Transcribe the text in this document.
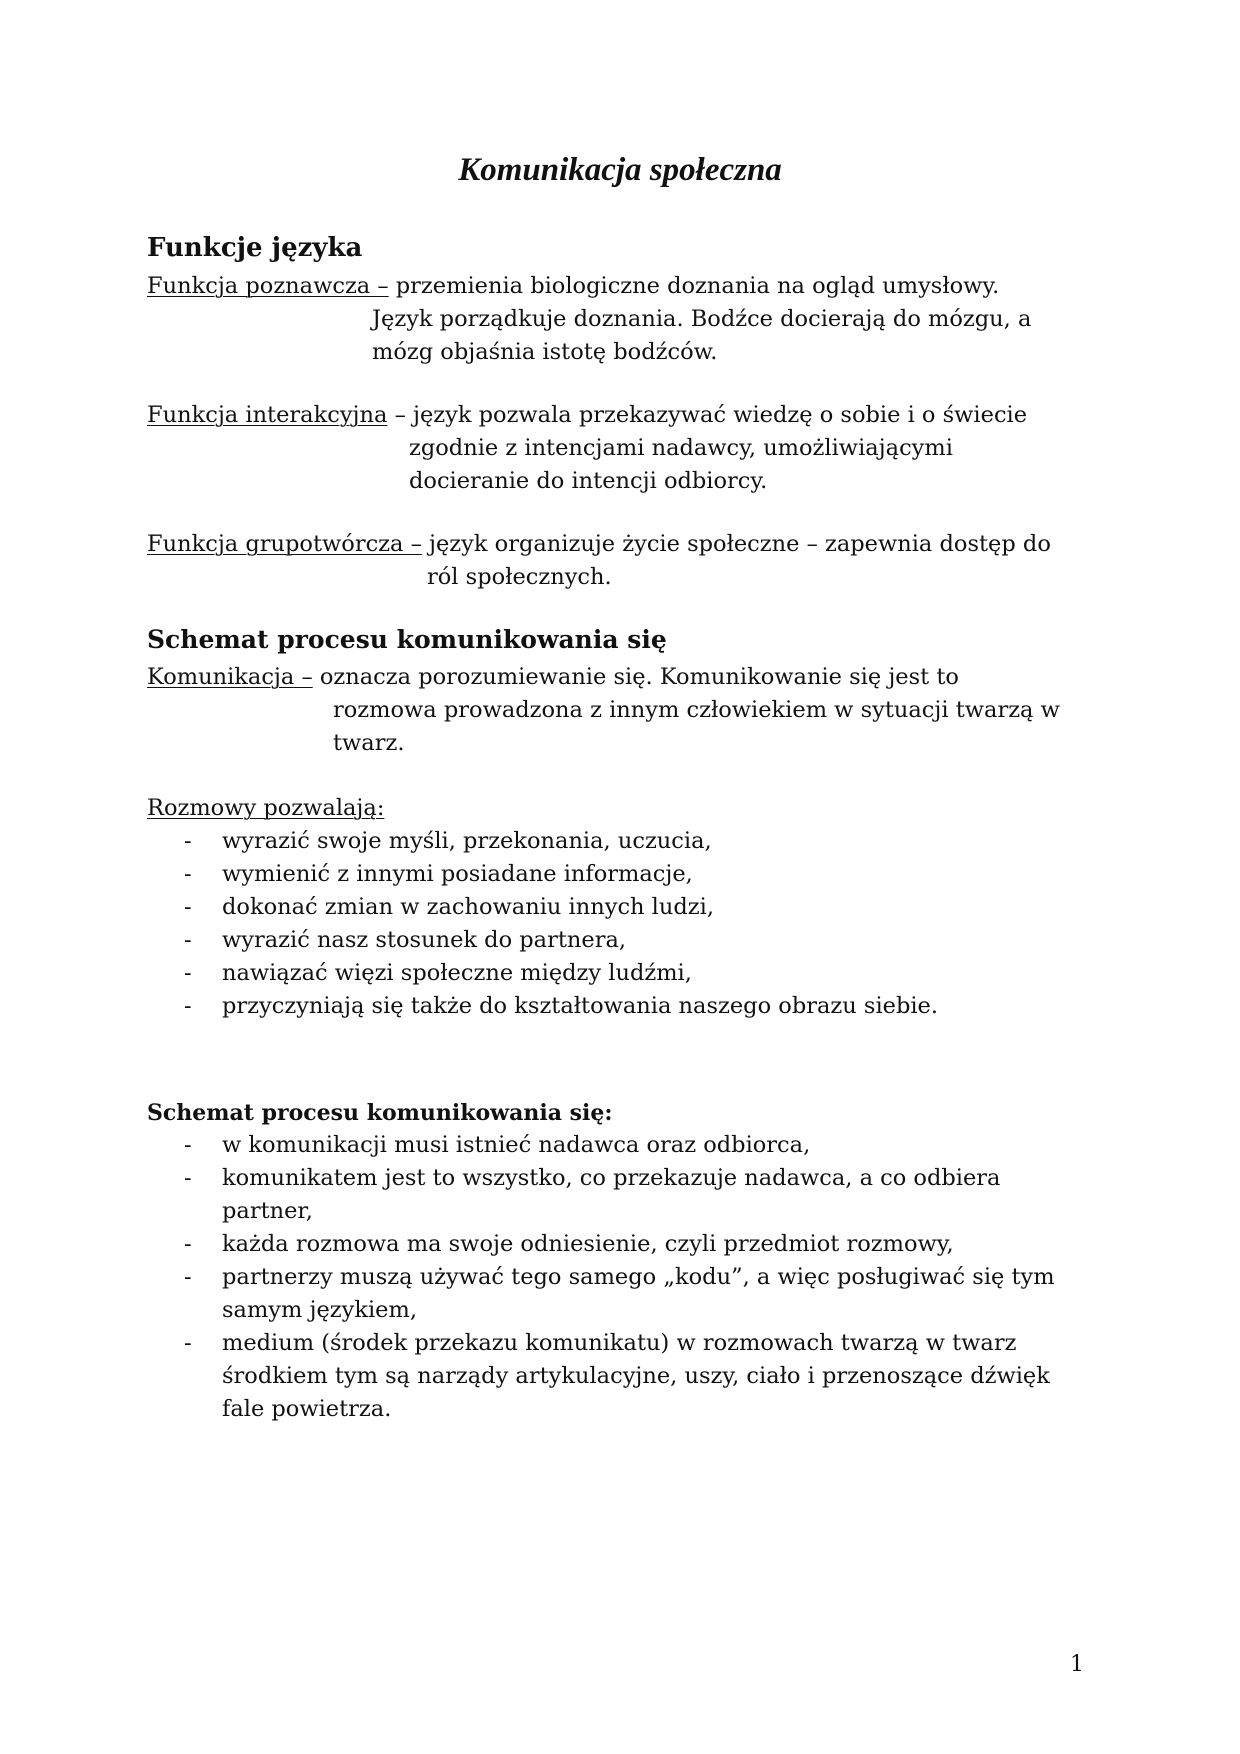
Komunikacja społeczna
Funkcje języka

Funkcja poznawcza – przemienia biologiczne doznania na ogląd umysłowy.

Język porządkuje doznania. Bodźce docierają do mózgu, a

mózg objaśnia istotę bodźców.

Funkcja interakcyjna – język pozwala przekazywać wiedzę o sobie i o świecie

zgodnie z intencjami nadawcy, umożliwiającymi

docieranie do intencji odbiorcy.

Funkcja grupotwórcza – język organizuje życie społeczne – zapewnia dostęp do

ról społecznych.

Schemat procesu komunikowania się

Komunikacja – oznacza porozumiewanie się. Komunikowanie się jest to

rozmowa prowadzona z innym człowiekiem w sytuacji twarzą w

twarz.

Rozmowy pozwalają:

- wyrazić swoje myśli, przekonania, uczucia,

- wymienić z innymi posiadane informacje,

- dokonać zmian w zachowaniu innych ludzi,

- wyrazić nasz stosunek do partnera,

- nawiązać więzi społeczne między ludźmi,

- przyczyniają się także do kształtowania naszego obrazu siebie.

Schemat procesu komunikowania się:

- w komunikacji musi istnieć nadawca oraz odbiorca,

- komunikatem jest to wszystko, co przekazuje nadawca, a co odbiera

partner,

- każda rozmowa ma swoje odniesienie, czyli przedmiot rozmowy,

- partnerzy muszą używać tego samego „kodu”, a więc posługiwać się tym

samym językiem,

- medium (środek przekazu komunikatu) w rozmowach twarzą w twarz

środkiem tym są narządy artykulacyjne, uszy, ciało i przenoszące dźwięk

fale powietrza.

1
